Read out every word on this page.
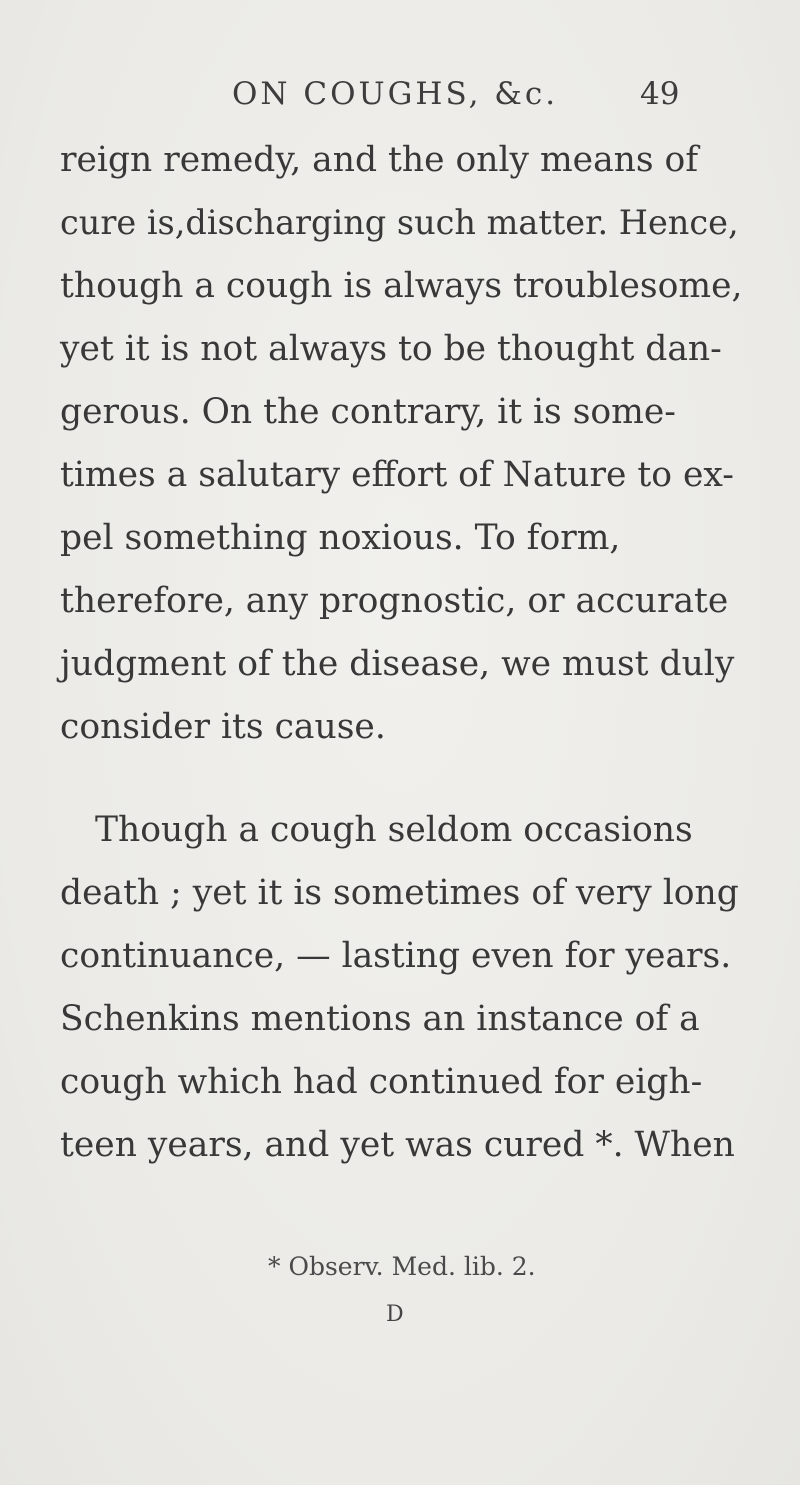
ON COUGHS, &c.	49
reign remedy, and the only means of
cure is,discharging such matter. Hence,
though a cough is always troublesome,
yet it is not always to be thought dan-
gerous. On the contrary, it is some-
times a salutary effort of Nature to ex-
pel something noxious. To form,
therefore, any prognostic, or accurate
judgment of the disease, we must duly
consider its cause.
Though a cough seldom occasions
death ; yet it is sometimes of very long
continuance, — lasting even for years.
Schenkins mentions an instance of a
cough which had continued for eigh-
teen years, and yet was cured *. When
* Observ. Med. lib. 2.
D
